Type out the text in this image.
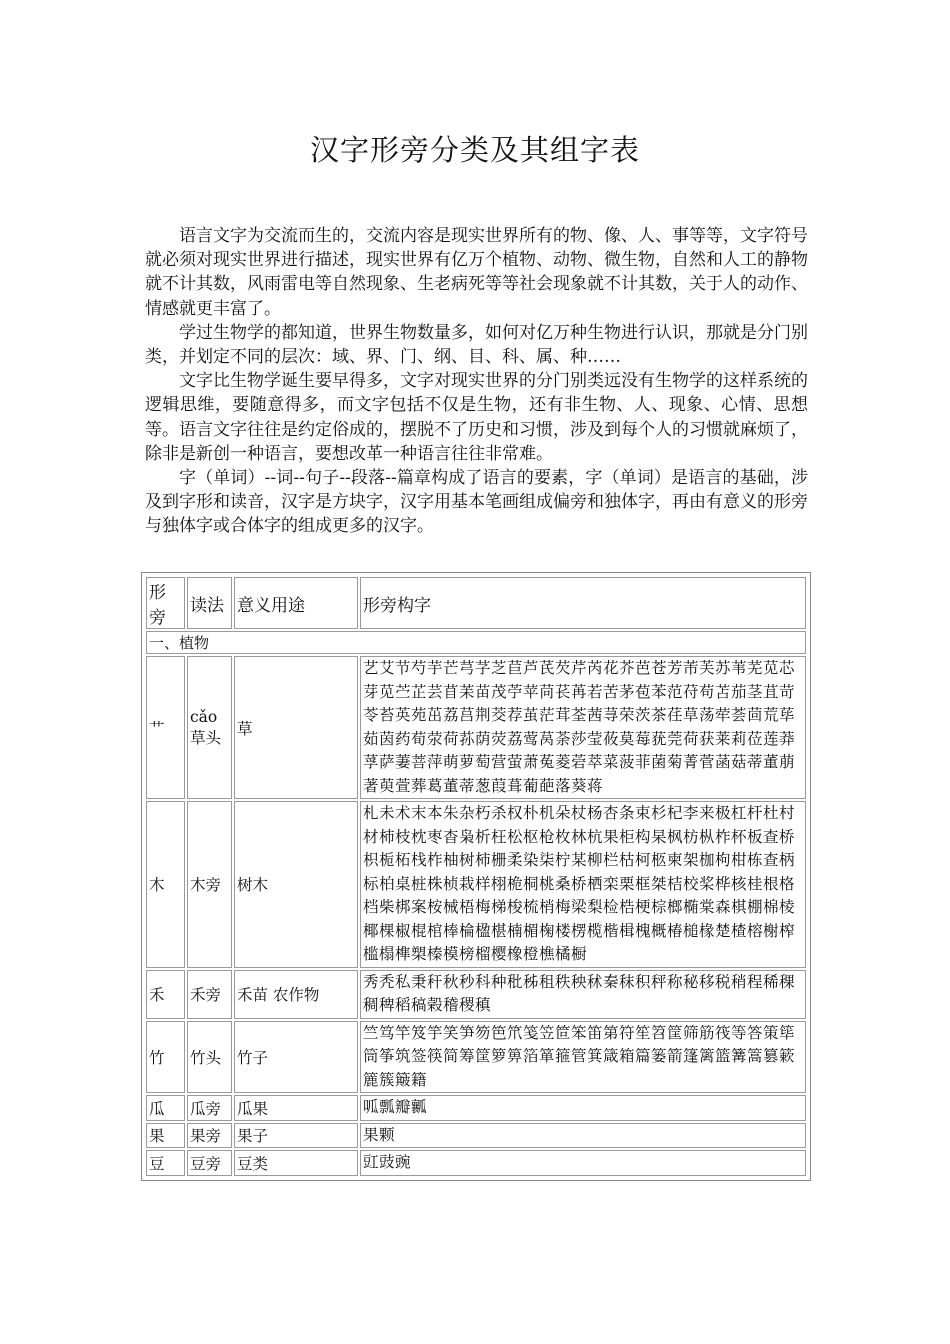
汉字形旁分类及其组字表

语言文字为交流而生的，交流内容是现实世界所有的物、像、人、事等等，文字符号就必须对现实世界进行描述，现实世界有亿万个植物、动物、微生物，自然和人工的静物就不计其数，风雨雷电等自然现象、生老病死等等社会现象就不计其数，关于人的动作、情感就更丰富了。

学过生物学的都知道，世界生物数量多，如何对亿万种生物进行认识，那就是分门别类，并划定不同的层次：域、界、门、纲、目、科、属、种……

文字比生物学诞生要早得多，文字对现实世界的分门别类远没有生物学的这样系统的逻辑思维，要随意得多，而文字包括不仅是生物，还有非生物、人、现象、心情、思想等。语言文字往往是约定俗成的，摆脱不了历史和习惯，涉及到每个人的习惯就麻烦了，除非是新创一种语言，要想改革一种语言往往非常难。

字（单词）--词--句子--段落--篇章构成了语言的要素，字（单词）是语言的基础，涉及到字形和读音，汉字是方块字，汉字用基本笔画组成偏旁和独体字，再由有意义的形旁与独体字或合体字的组成更多的汉字。

形旁	读法	意义用途	形旁构字
一、植物			
艹	cǎo 草头	草	艺艾节芍芋芒芎芓芝苣芦芪芡芹芮花芥芭苍芳芾芙苏苇芜苋芯芽苋苎芷芸苜苿苗茂苧苹苘苌苒若苦茅苞苯范苻苟苫茄茎苴苛苓苔英苑茁荔莒荆茭荐茧茫茸荃茜荨荣茨茶荏草荡荦荟茴荒荜茹茵药荀荥荷荪荫荧荔莺莴荼莎莹莜莫莓莸莞荷获莱莉莅莲莽莩萨萋菩萍萌萝萄营萤萧菟菱菪萃菜菠菲菌菊菁菅菡菇蒂董萠著萸萱葬葛董蒂葱葭葺葡葩落葵蒋
木	木旁	树木	札未术末本朱杂朽杀权朴机朵杖杨杏条束杉杞李来极杠杆杜村材杮枝枕枣杳枭析枉松枢枪枚林杭果柜构杲枫枋枞柞杯板查桥枳栀柘栈柞柚树柿栅柔染柒柠某柳栏枯柯柩柬架枷枸柑栋查柄标柏桌桩株桢栽样栩桅桐桃桑桥栖栾栗框桀桔校桨桦核桂根格档柴梆案桉械梧梅梯梭梳梢梅梁梨检梏梗棕榔椭棠森棋棚棉棱椰棵椒棍棺棒棆楹椹楠楣椈楼楞榄楷楫槐概椿槌椽楚楂榕榭榨槛榻榫槊榛模榜榴樱橡橙樵橘橱
禾	禾旁	禾苗 农作物	秀秃私秉秆秋秒科种秕秭租秩秧秫秦秣积秤称秘移税稍程稀稞稠稗稻稿榖稽稷稹
竹	竹头	竹子	竺笃竿笈竽笑笋笏笆笊笺笠笸笨笛第符笙笤筐筛筋筏等答策筚筒筝筑签筷简筹筐箩箅箔箪箍管箕箴箱篇篓箭篷篱篮篝篙篡簌簏簇簸籍
瓜	瓜旁	瓜果	呱瓢瓣瓤
果	果旁	果子	果颗
豆	豆旁	豆类	豇豉豌
